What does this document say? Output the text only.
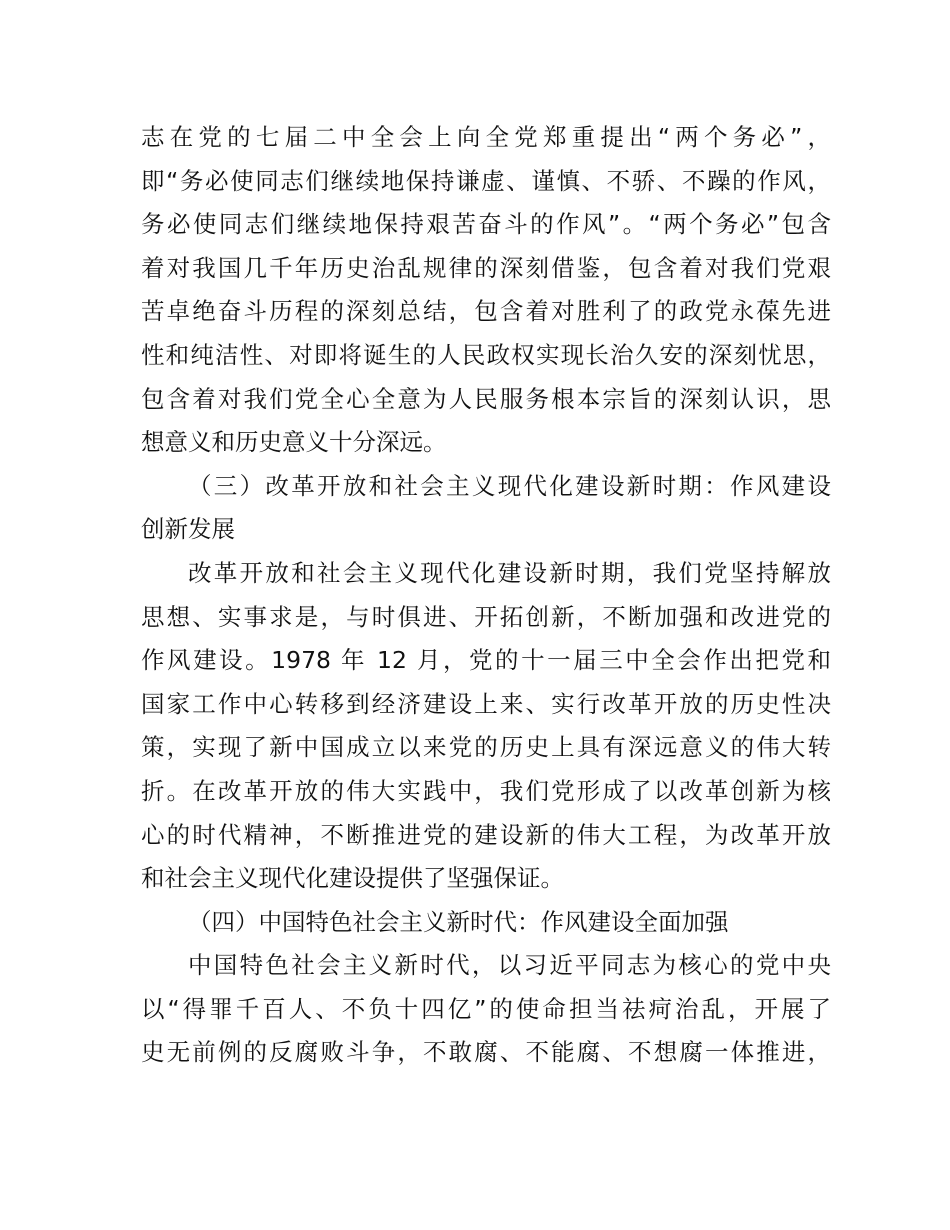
志在党的七届二中全会上向全党郑重提出“两个务必”，
即“务必使同志们继续地保持谦虚、谨慎、不骄、不躁的作风，
务必使同志们继续地保持艰苦奋斗的作风”。“两个务必”包含
着对我国几千年历史治乱规律的深刻借鉴，包含着对我们党艰
苦卓绝奋斗历程的深刻总结，包含着对胜利了的政党永葆先进
性和纯洁性、对即将诞生的人民政权实现长治久安的深刻忧思，
包含着对我们党全心全意为人民服务根本宗旨的深刻认识，思
想意义和历史意义十分深远。
（三）改革开放和社会主义现代化建设新时期：作风建设
创新发展
改革开放和社会主义现代化建设新时期，我们党坚持解放
思想、实事求是，与时俱进、开拓创新，不断加强和改进党的
作风建设。1978 年 12 月，党的十一届三中全会作出把党和
国家工作中心转移到经济建设上来、实行改革开放的历史性决
策，实现了新中国成立以来党的历史上具有深远意义的伟大转
折。在改革开放的伟大实践中，我们党形成了以改革创新为核
心的时代精神，不断推进党的建设新的伟大工程，为改革开放
和社会主义现代化建设提供了坚强保证。
（四）中国特色社会主义新时代：作风建设全面加强
中国特色社会主义新时代，以习近平同志为核心的党中央
以“得罪千百人、不负十四亿”的使命担当祛疴治乱，开展了
史无前例的反腐败斗争，不敢腐、不能腐、不想腐一体推进，
